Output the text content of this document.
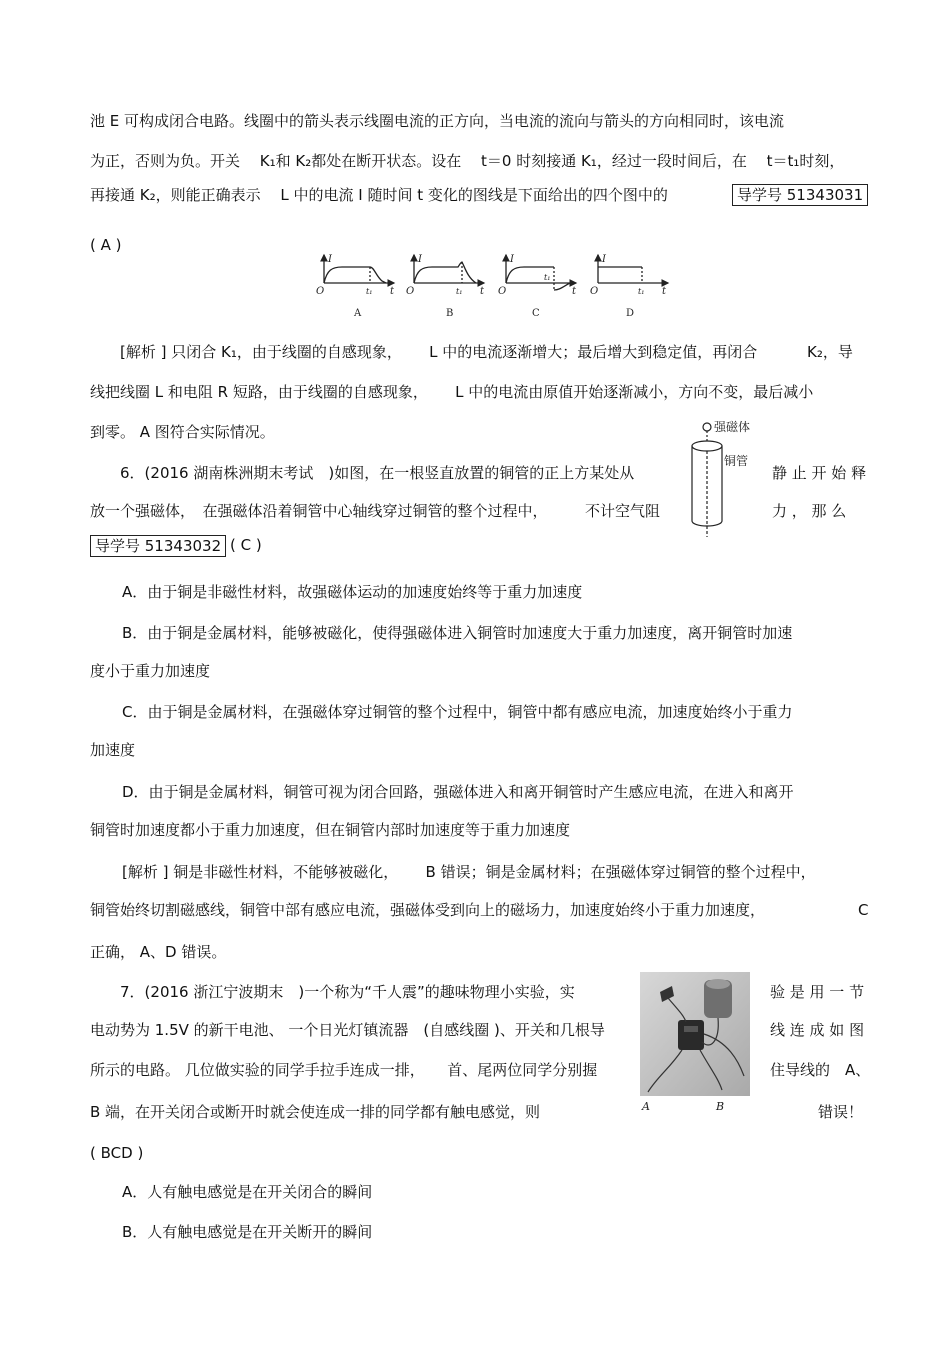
池 E 可构成闭合电路。线圈中的箭头表示线圈电流的正方向，当电流的流向与箭头的方向相同时，该电流
为正，否则为负。开关　 K₁和 K₂都处在断开状态。设在　 t＝0 时刻接通 K₁，经过一段时间后，在　 t＝t₁时刻，
再接通 K₂，则能正确表示　 L 中的电流 I 随时间 t 变化的图线是下面给出的四个图中的	导学号 51343031
( A )
I
O	t₁ t
A
I
O	t₁ t
B
I
O
t₁
t
C
I
O	t₁ t
D
[解析 ] 只闭合 K₁，由于线圈的自感现象，　　 L 中的电流逐渐增大；最后增大到稳定值，再闭合　　　 K₂，导
线把线圈 L 和电阻 R 短路，由于线圈的自感现象，　　 L 中的电流由原值开始逐渐减小，方向不变，最后减小
到零。 A 图符合实际情况。
6．(2016 湖南株洲期末考试　)如图，在一根竖直放置的铜管的正上方某处从	静 止 开 始 释
放一个强磁体，　在强磁体沿着铜管中心轴线穿过铜管的整个过程中，　　　不计空气阻	力 ， 那 么
导学号 51343032 ( C )
强磁体
铜管
A．由于铜是非磁性材料，故强磁体运动的加速度始终等于重力加速度
B．由于铜是金属材料，能够被磁化，使得强磁体进入铜管时加速度大于重力加速度，离开铜管时加速
度小于重力加速度
C．由于铜是金属材料，在强磁体穿过铜管的整个过程中，铜管中都有感应电流，加速度始终小于重力
加速度
D．由于铜是金属材料，铜管可视为闭合回路，强磁体进入和离开铜管时产生感应电流，在进入和离开
铜管时加速度都小于重力加速度，但在铜管内部时加速度等于重力加速度
[解析 ] 铜是非磁性材料，不能够被磁化，　　 B 错误；铜是金属材料；在强磁体穿过铜管的整个过程中，
铜管始终切割磁感线，铜管中部有感应电流，强磁体受到向上的磁场力，加速度始终小于重力加速度，	C
正确， A、D 错误。
7．(2016 浙江宁波期末　)一个称为“千人震”的趣味物理小实验，实	验 是 用 一 节
电动势为 1.5V 的新干电池、 一个日光灯镇流器　(自感线圈 )、开关和几根导	线 连 成 如 图
所示的电路。 几位做实验的同学手拉手连成一排，　　首、尾两位同学分别握	住导线的　A、
B 端，在开关闭合或断开时就会使连成一排的同学都有触电感觉，则	错误！
( BCD )
A	B
A．人有触电感觉是在开关闭合的瞬间
B．人有触电感觉是在开关断开的瞬间
